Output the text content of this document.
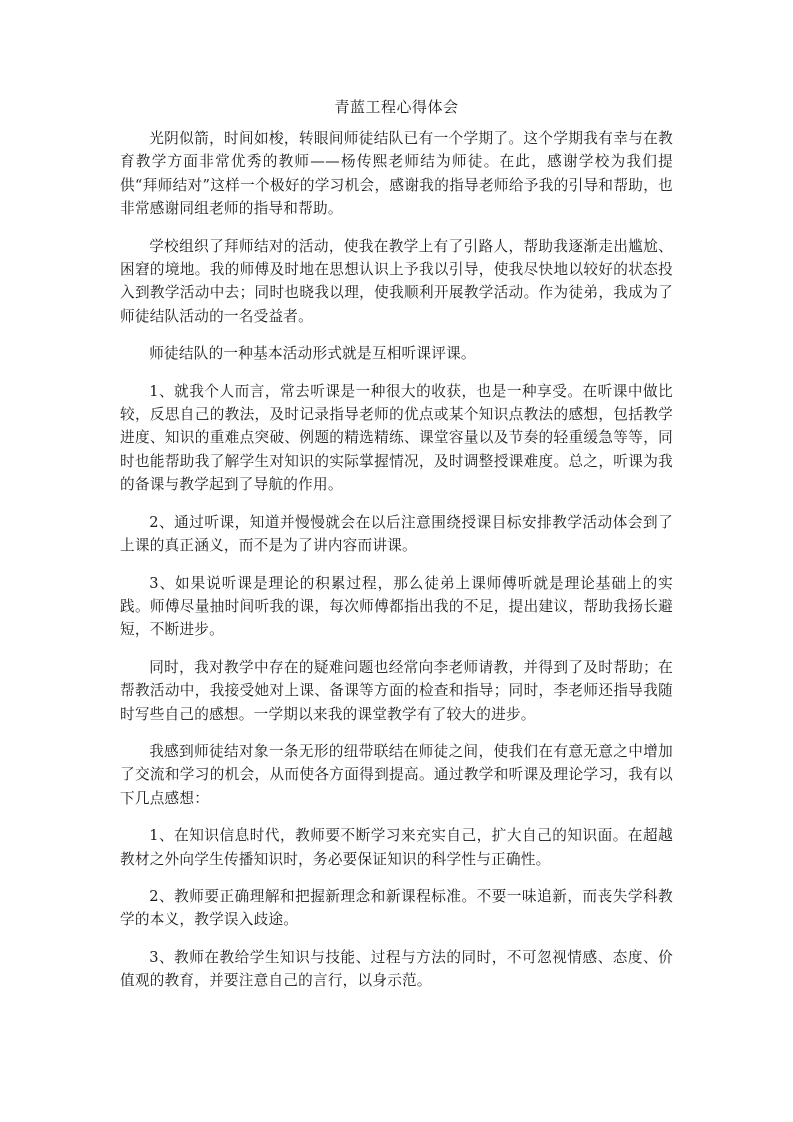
青蓝工程心得体会

光阴似箭，时间如梭，转眼间师徒结队已有一个学期了。这个学期我有幸与在教育教学方面非常优秀的教师——杨传熙老师结为师徒。在此，感谢学校为我们提供“拜师结对”这样一个极好的学习机会，感谢我的指导老师给予我的引导和帮助，也非常感谢同组老师的指导和帮助。

学校组织了拜师结对的活动，使我在教学上有了引路人，帮助我逐渐走出尴尬、困窘的境地。我的师傅及时地在思想认识上予我以引导，使我尽快地以较好的状态投入到教学活动中去；同时也晓我以理，使我顺利开展教学活动。作为徒弟，我成为了师徒结队活动的一名受益者。

师徒结队的一种基本活动形式就是互相听课评课。

1、就我个人而言，常去听课是一种很大的收获，也是一种享受。在听课中做比较，反思自己的教法，及时记录指导老师的优点或某个知识点教法的感想，包括教学进度、知识的重难点突破、例题的精选精练、课堂容量以及节奏的轻重缓急等等，同时也能帮助我了解学生对知识的实际掌握情况，及时调整授课难度。总之，听课为我的备课与教学起到了导航的作用。

2、通过听课，知道并慢慢就会在以后注意围绕授课目标安排教学活动体会到了上课的真正涵义，而不是为了讲内容而讲课。

3、如果说听课是理论的积累过程，那么徒弟上课师傅听就是理论基础上的实践。师傅尽量抽时间听我的课，每次师傅都指出我的不足，提出建议，帮助我扬长避短，不断进步。

同时，我对教学中存在的疑难问题也经常向李老师请教，并得到了及时帮助；在帮教活动中，我接受她对上课、备课等方面的检查和指导；同时，李老师还指导我随时写些自己的感想。一学期以来我的课堂教学有了较大的进步。

我感到师徒结对象一条无形的纽带联结在师徒之间，使我们在有意无意之中增加了交流和学习的机会，从而使各方面得到提高。通过教学和听课及理论学习，我有以下几点感想：

1、在知识信息时代，教师要不断学习来充实自己，扩大自己的知识面。在超越教材之外向学生传播知识时，务必要保证知识的科学性与正确性。

2、教师要正确理解和把握新理念和新课程标准。不要一味追新，而丧失学科教学的本义，教学误入歧途。

3、教师在教给学生知识与技能、过程与方法的同时，不可忽视情感、态度、价值观的教育，并要注意自己的言行，以身示范。
